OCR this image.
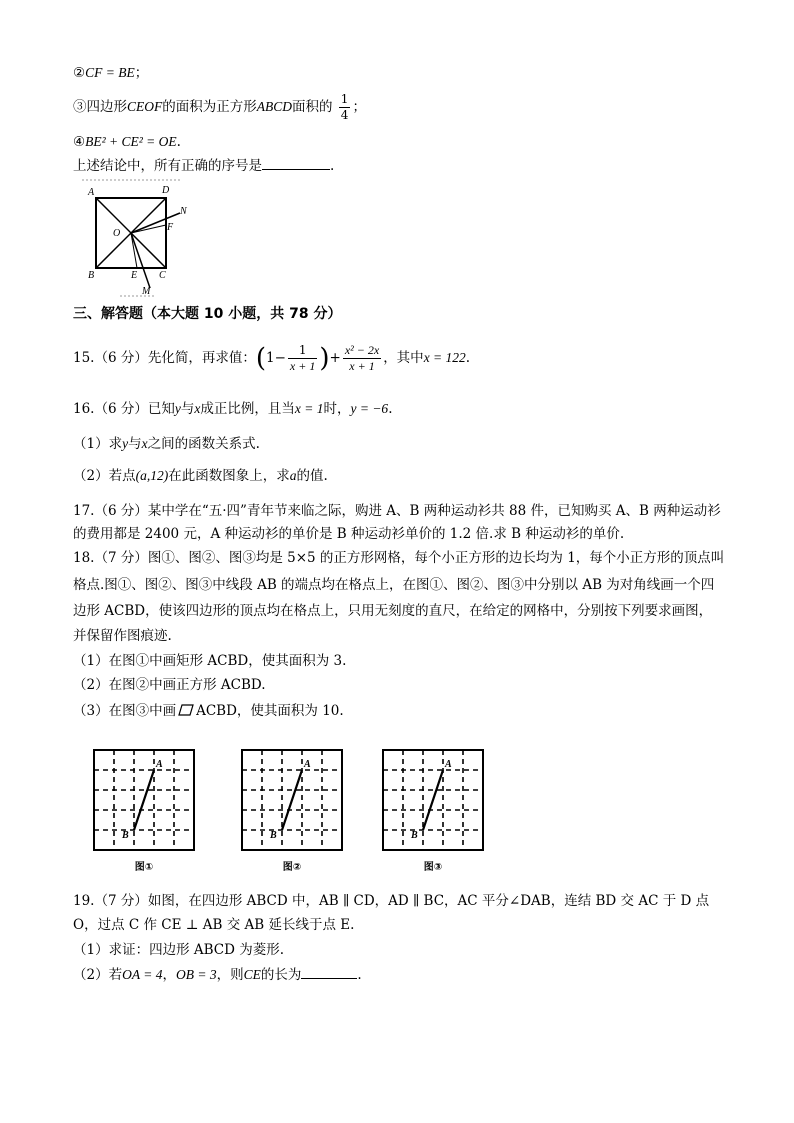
②CF = BE；
③四边形CEOF的面积为正方形ABCD面积的 $\frac{1}{4}$ ；
④BE² + CE² = OE.
上述结论中，所有正确的序号是	.
A	D
N
F
O
B	E C
M
三、解答题（本大题 10 小题，共 78 分）
15.（6 分）先化简，再求值：($1- \frac{1}{x + 1}$ )+ $\frac{\text{x² − 2x}}{x + 1}$ ，其中x = 122.
16.（6 分）已知y与x成正比例，且当x = 1时，y = −6.
（1）求y与x之间的函数关系式.
（2）若点(a,12)在此函数图象上，求a的值.
17.（6 分）某中学在“五·四”青年节来临之际，购进 A、B 两种运动衫共 88 件，已知购买 A、B 两种运动衫
的费用都是 2400 元，A 种运动衫的单价是 B 种运动衫单价的 1.2 倍.求 B 种运动衫的单价.
18.（7 分）图①、图②、图③均是 5×5 的正方形网格，每个小正方形的边长均为 1，每个小正方形的顶点叫
格点.图①、图②、图③中线段 AB 的端点均在格点上，在图①、图②、图③中分别以 AB 为对角线画一个四
边形 ACBD，使该四边形的顶点均在格点上，只用无刻度的直尺，在给定的网格中，分别按下列要求画图，
并保留作图痕迹.
（1）在图①中画矩形 ACBD，使其面积为 3.
（2）在图②中画正方形 ACBD.
（3）在图③中画 ACBD，使其面积为 10.
A
B
图①
A
B
图②
A
B
图③
19.（7 分）如图，在四边形 ABCD 中，AB ∥ CD，AD ∥ BC，AC 平分∠DAB，连结 BD 交 AC 于 D 点
O，过点 C 作 CE ⊥ AB 交 AB 延长线于点 E.
（1）求证：四边形 ABCD 为菱形.
（2）若OA = 4，OB = 3，则CE的长为	.
